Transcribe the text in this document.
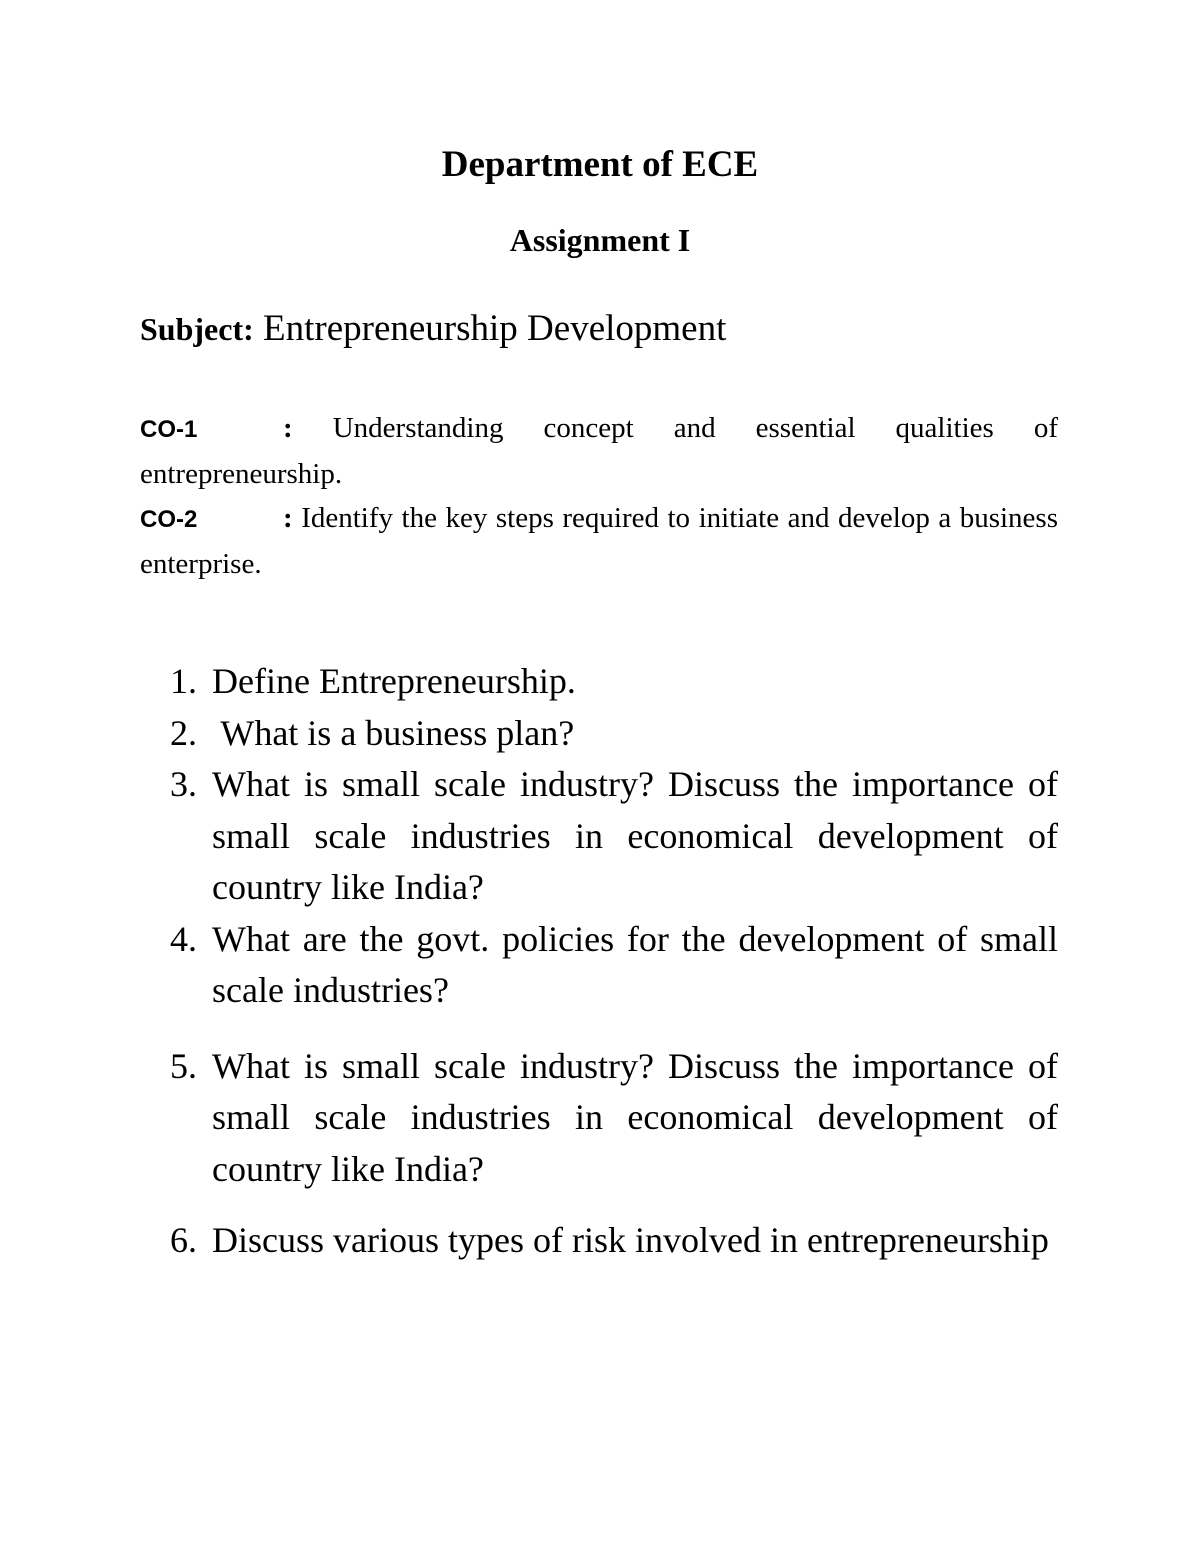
Department of ECE
Assignment I
Subject: Entrepreneurship Development
CO-1	: Understanding concept and essential qualities of entrepreneurship.
CO-2	: Identify the key steps required to initiate and develop a business enterprise.
1. Define Entrepreneurship.
2. What is a business plan?
3. What is small scale industry? Discuss the importance of small scale industries in economical development of country like India?
4. What are the govt. policies for the development of small scale industries?
5. What is small scale industry? Discuss the importance of small scale industries in economical development of country like India?
6. Discuss various types of risk involved in entrepreneurship
